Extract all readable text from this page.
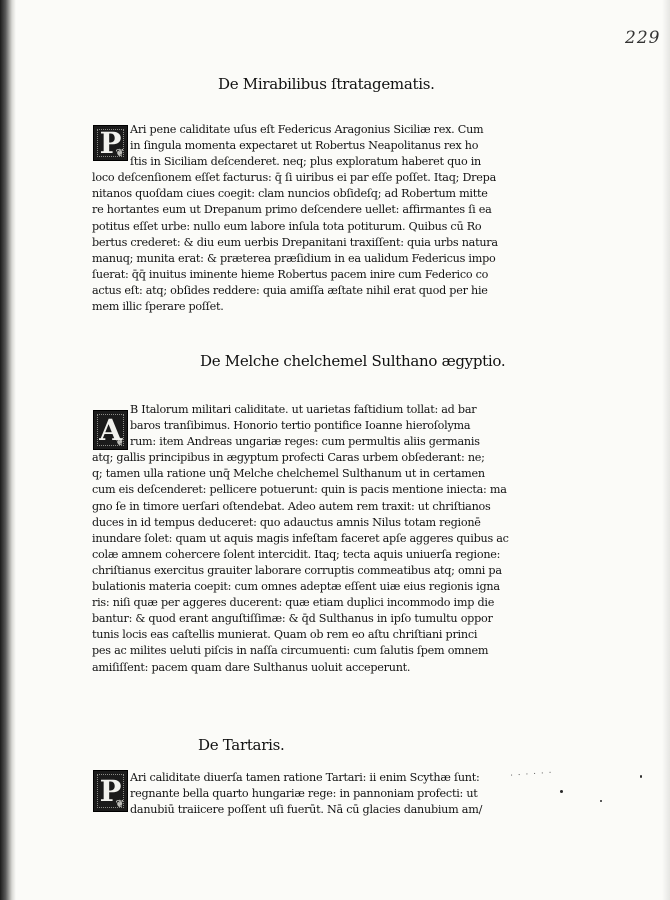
229
De Mirabilibus ſtratagematis.
P
❦ Ari pene caliditate uſus eſt Federicus Aragonius Siciliæ rex. Cum
in ſingula momenta expectaret ut Robertus Neapolitanus rex ho
ſtis in Siciliam deſcenderet. neq; plus exploratum haberet quo in
loco deſcenſionem eſſet facturus: q̄ ſi uiribus ei par eſſe poſſet. Itaq; Drepa
nitanos quoſdam ciues coegit: clam nuncios obſideſq; ad Robertum mitte
re hortantes eum ut Drepanum primo deſcendere uellet: affirmantes ſi ea
potitus eſſet urbe: nullo eum labore inſula tota potiturum. Quibus cū Ro
bertus crederet: & diu eum uerbis Drepanitani traxiſſent: quia urbs natura
manuq; munita erat: & præterea præſidium in ea ualidum Federicus impo
ſuerat: q̄q̄ inuitus iminente hieme Robertus pacem inire cum Federico co
actus eſt: atq; obſides reddere: quia amiſſa æſtate nihil erat quod per hie
mem illic ſperare poſſet.
De Melche chelchemel Sulthano ægyptio.
A
❦
B Italorum militari caliditate. ut uarietas faſtidium tollat: ad bar
baros tranſibimus. Honorio tertio pontifice Ioanne hieroſolyma
rum: item Andreas ungariæ reges: cum permultis aliis germanis
atq; gallis principibus in ægyptum profecti Caras urbem obſederant: ne;
q; tamen ulla ratione unq̄ Melche chelchemel Sulthanum ut in certamen
cum eis deſcenderet: pellicere potuerunt: quin is pacis mentione iniecta: ma
gno ſe in timore uerſari oſtendebat. Adeo autem rem traxit: ut chriſtianos
duces in id tempus deduceret: quo adauctus amnis Nilus totam regionē
inundare ſolet: quam ut aquis magis infeſtam faceret apſe aggeres quibus ac
colæ amnem cohercere ſolent intercidit. Itaq; tecta aquis uniuerſa regione:
chriſtianus exercitus grauiter laborare corruptis commeatibus atq; omni pa
bulationis materia coepit: cum omnes adeptæ eſſent uiæ eius regionis igna
ris: niſi quæ per aggeres ducerent: quæ etiam duplici incommodo imp die
bantur: & quod erant anguſtiſſimæ: & q̄d Sulthanus in ipſo tumultu oppor
tunis locis eas caſtellis munierat. Quam ob rem eo aſtu chriſtiani princi
pes ac milites ueluti piſcis in naſſa circumuenti: cum ſalutis ſpem omnem
amiſiſſent: pacem quam dare Sulthanus uoluit acceperunt.
De Tartaris.
P
❦ Ari caliditate diuerſa tamen ratione Tartari: ii enim Scythæ ſunt:
regnante bella quarto hungariæ rege: in pannoniam profecti: ut
danubiū traiicere poſſent uſi fuerūt. Nā cū glacies danubium am/
· · · · · ·
